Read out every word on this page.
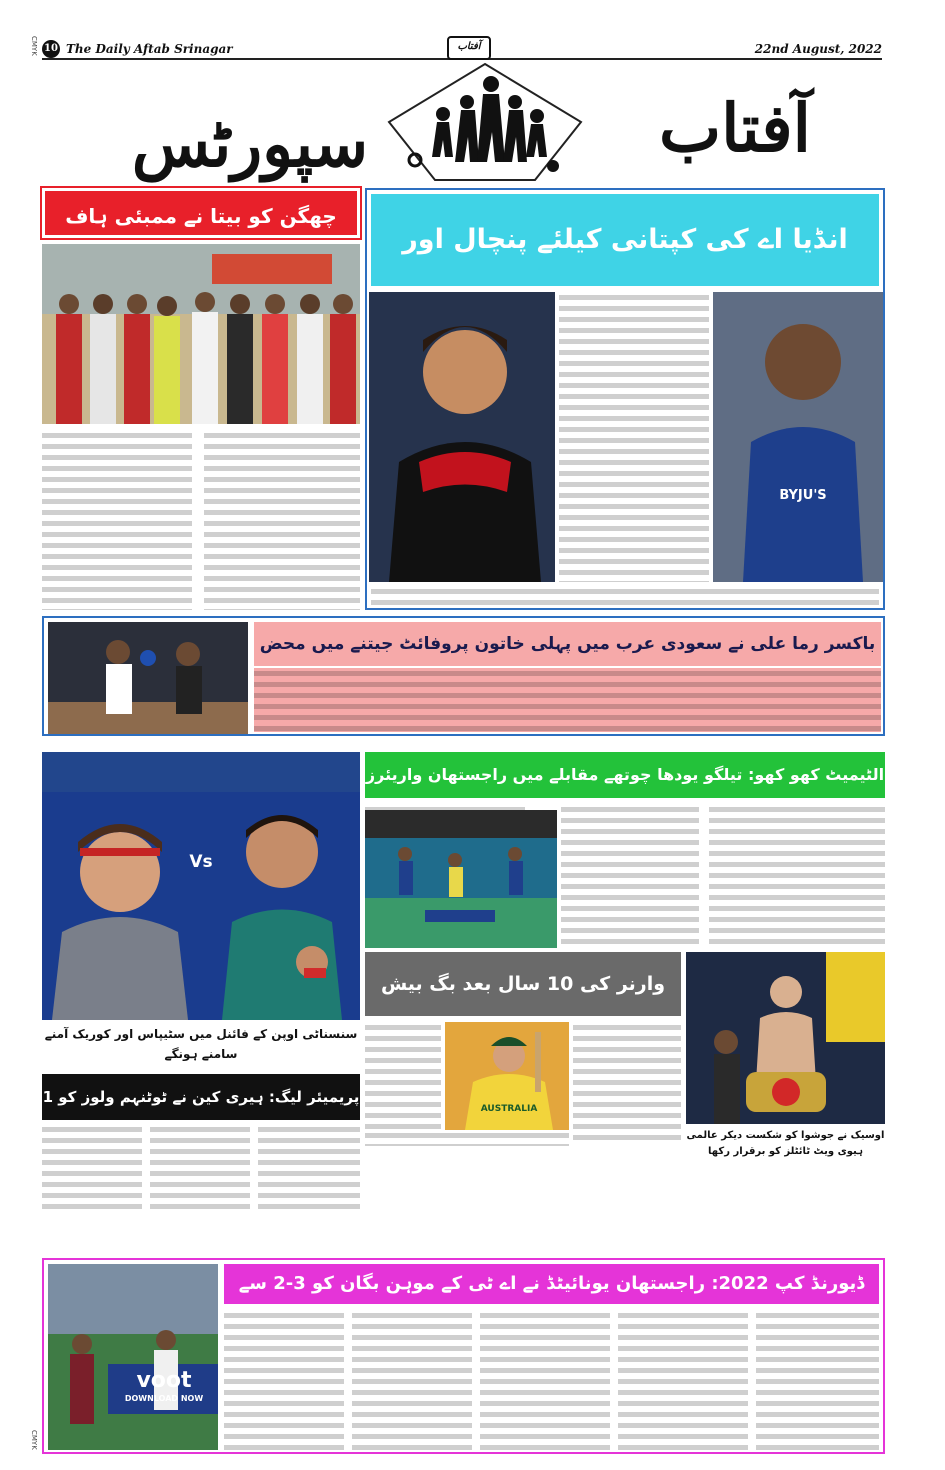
10 The Daily Aftab Srinagar	آفتاب	22nd August, 2022
CMYK
CMYK
آفتاب
سپورٹس
چھگن کو بیتا نے ممبئی ہاف
انڈیا اے کی کپتانی کیلئے پنچال اور
BYJU'S
باکسر رما علی نے سعودی عرب میں پہلی خاتون پروفائٹ جیتنے میں محض
Vs
سنسناٹی اوپن کے فائنل میں سٹیپاس اور کوریک آمنے سامنے ہونگے
الٹیمیٹ کھو کھو: تیلگو یودھا چوتھے مقابلے میں راجستھان واریئرز کے
وارنر کی 10 سال بعد بگ بیش
AUSTRALIA
اوسیک نے جوشوا کو شکست دیکر عالمی ہیوی ویٹ ٹائٹلز کو برقرار رکھا
پریمیئر لیگ: ہیری کین نے ٹوٹنہم ولوز کو 1
voot
DOWNLOAD NOW
ڈیورنڈ کپ 2022: راجستھان یونائیٹڈ نے اے ٹی کے موہن بگان کو 3-2 سے
